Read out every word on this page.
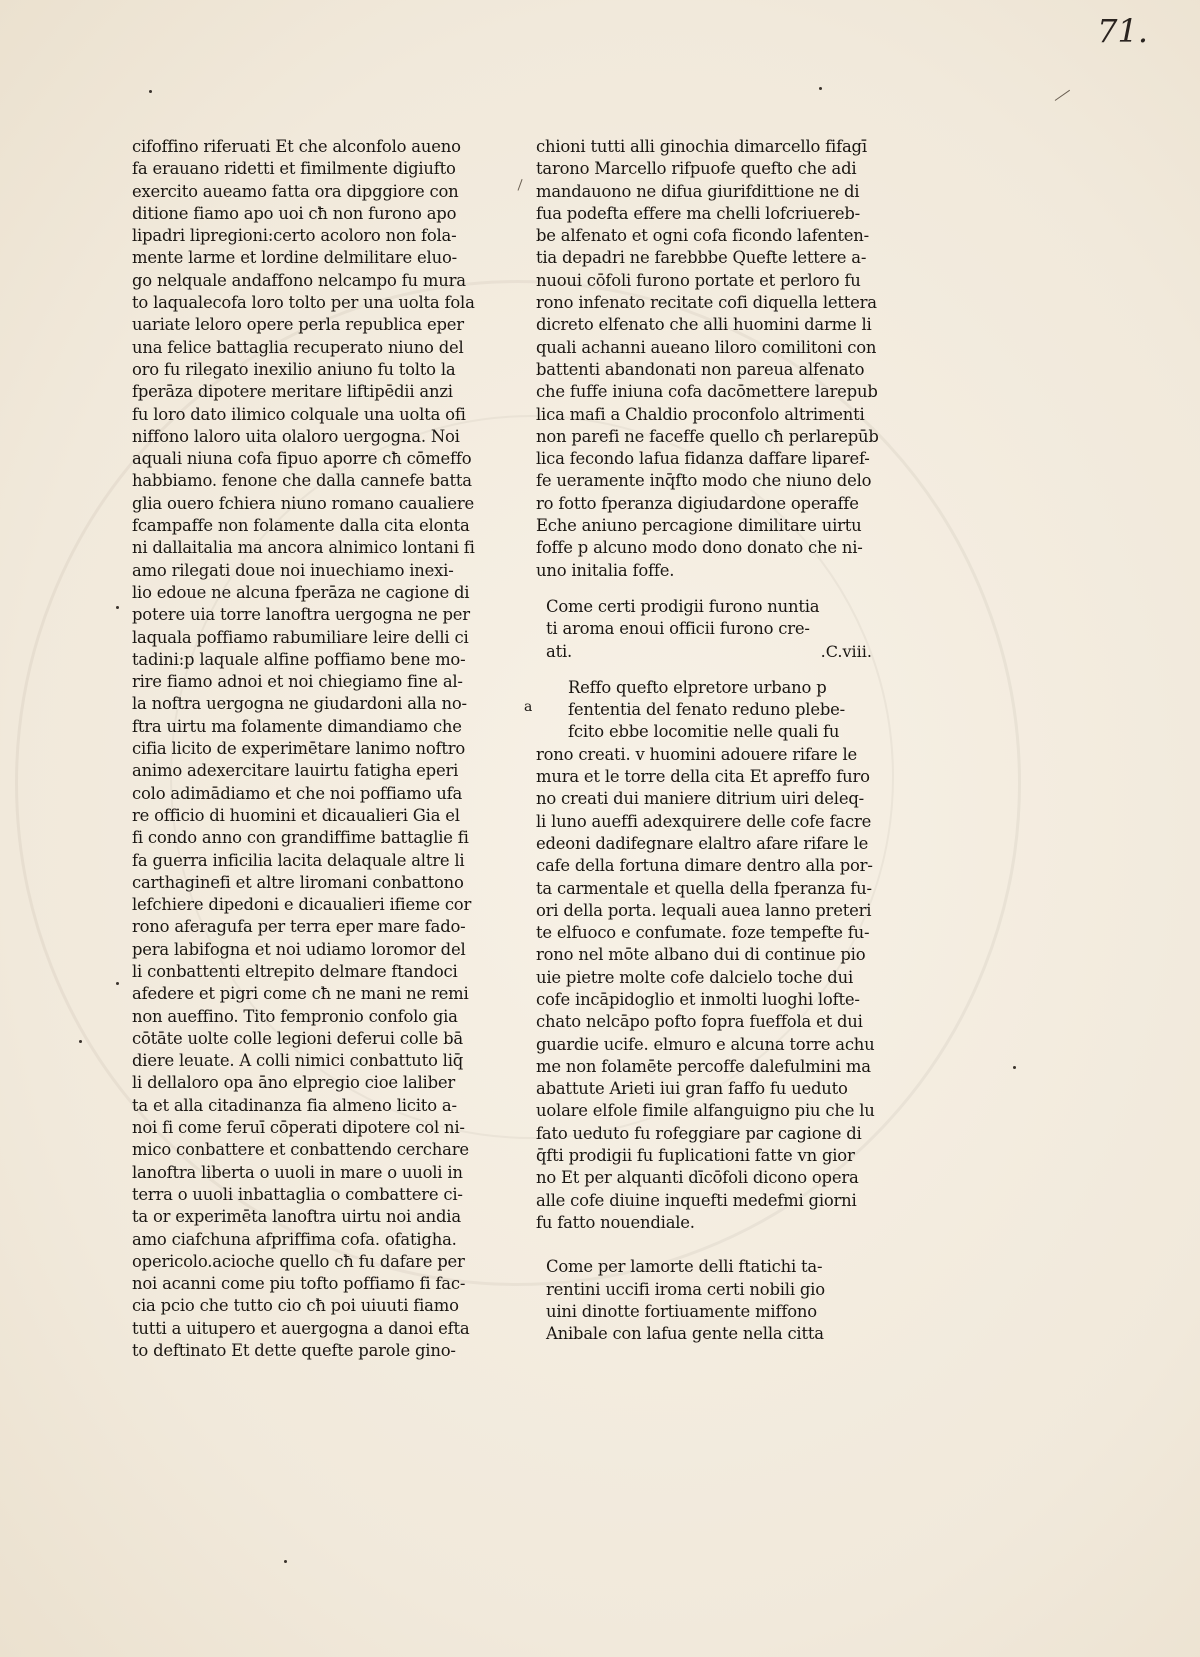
71.
cifoffino riferuati Et che alconfolo aueno
fa erauano ridetti et fimilmente digiufto
exercito aueamo fatta ora dipggiore con
ditione fiamo apo uoi cħ non furono apo
lipadri lipregioni:certo acoloro non fola-
mente larme et lordine delmilitare eluo-
go nelquale andaffono nelcampo fu mura
to laqualecofa loro tolto per una uolta fola
uariate leloro opere perla republica eper
una felice battaglia recuperato niuno del
oro fu rilegato inexilio aniuno fu tolto la
fperāza dipotere meritare liftipēdii anzi
fu loro dato ilimico colquale una uolta ofi
niffono laloro uita olaloro uergogna. Noi
aquali niuna cofa fipuo aporre cħ cōmeffo
habbiamo. fenone che dalla cannefe batta
glia ouero fchiera niuno romano caualiere
fcampaffe non folamente dalla cita elonta
ni dallaitalia ma ancora alnimico lontani fi
amo rilegati doue noi inuechiamo inexi-
lio edoue ne alcuna fperāza ne cagione di
potere uia torre lanoftra uergogna ne per
laquala poffiamo rabumiliare leire delli ci
tadini:p laquale alfine poffiamo bene mo-
rire fiamo adnoi et noi chiegiamo fine al-
la noftra uergogna ne giudardoni alla no-
ftra uirtu ma folamente dimandiamo che
cifia licito de experimētare lanimo noftro
animo adexercitare lauirtu fatigha eperi
colo adimādiamo et che noi poffiamo ufa
re officio di huomini et dicaualieri Gia el
fi condo anno con grandiffime battaglie fi
fa guerra inficilia lacita delaquale altre li
carthaginefi et altre liromani conbattono
lefchiere dipedoni e dicaualieri ifieme cor
rono aferagufa per terra eper mare fado-
pera labifogna et noi udiamo loromor del
li conbattenti eltrepito delmare ftandoci
afedere et pigri come cħ ne mani ne remi
non aueffino. Tito fempronio confolo gia
cōtāte uolte colle legioni deferui colle bā
diere leuate. A colli nimici conbattuto liq̄
li dellaloro opa āno elpregio cioe laliber
ta et alla citadinanza fia almeno licito a-
noi fi come feruī cōperati dipotere col ni-
mico conbattere et conbattendo cerchare
lanoftra liberta o uuoli in mare o uuoli in
terra o uuoli inbattaglia o combattere ci-
ta or experimēta lanoftra uirtu noi andia
amo ciafchuna afpriffima cofa. ofatigha.
opericolo.acioche quello cħ fu dafare per
noi acanni come piu tofto poffiamo fi fac-
cia pcio che tutto cio cħ poi uiuuti fiamo
tutti a uitupero et auergogna a danoi efta
to deftinato Et dette quefte parole gino-
chioni tutti alli ginochia dimarcello fifagī
tarono Marcello rifpuofe quefto che adi
mandauono ne difua giurifdittione ne di
fua podefta effere ma chelli lofcriuereb-
be alfenato et ogni cofa ficondo lafenten-
tia depadri ne farebbbe Quefte lettere a-
nuoui cōfoli furono portate et perloro fu
rono infenato recitate cofi diquella lettera
dicreto elfenato che alli huomini darme li
quali achanni aueano liloro comilitoni con
battenti abandonati non pareua alfenato
che fuffe iniuna cofa dacōmettere larepub
lica mafi a Chaldio proconfolo altrimenti
non parefi ne faceffe quello cħ perlarepūb
lica fecondo lafua fidanza daffare liparef-
fe ueramente inq̄fto modo che niuno delo
ro fotto fperanza digiudardone operaffe
Eche aniuno percagione dimilitare uirtu
foffe p alcuno modo dono donato che ni-
uno initalia foffe.
Come certi prodigii furono nuntia
ti aroma enoui officii furono cre-
ati.	.C.viii.
a
Reffo quefto elpretore urbano p
fententia del fenato reduno plebe-
fcito ebbe locomitie nelle quali fu
rono creati. v huomini adouere rifare le
mura et le torre della cita Et apreffo furo
no creati dui maniere ditrium uiri deleq-
li luno aueffi adexquirere delle cofe facre
edeoni dadifegnare elaltro afare rifare le
cafe della fortuna dimare dentro alla por-
ta carmentale et quella della fperanza fu-
ori della porta. lequali auea lanno preteri
te elfuoco e confumate. foze tempefte fu-
rono nel mōte albano dui di continue pio
uie pietre molte cofe dalcielo toche dui
cofe incāpidoglio et inmolti luoghi lofte-
chato nelcāpo pofto fopra fueffola et dui
guardie ucife. elmuro e alcuna torre achu
me non folamēte percoffe dalefulmini ma
abattute Arieti iui gran faffo fu ueduto
uolare elfole fimile alfanguigno piu che lu
fato ueduto fu rofeggiare par cagione di
q̄fti prodigii fu fuplicationi fatte vn gior
no Et per alquanti dīcōfoli dicono opera
alle cofe diuine inquefti medefmi giorni
fu fatto nouendiale.
Come per lamorte delli ftatichi ta-
rentini uccifi iroma certi nobili gio
uini dinotte fortiuamente miffono
Anibale con lafua gente nella citta
